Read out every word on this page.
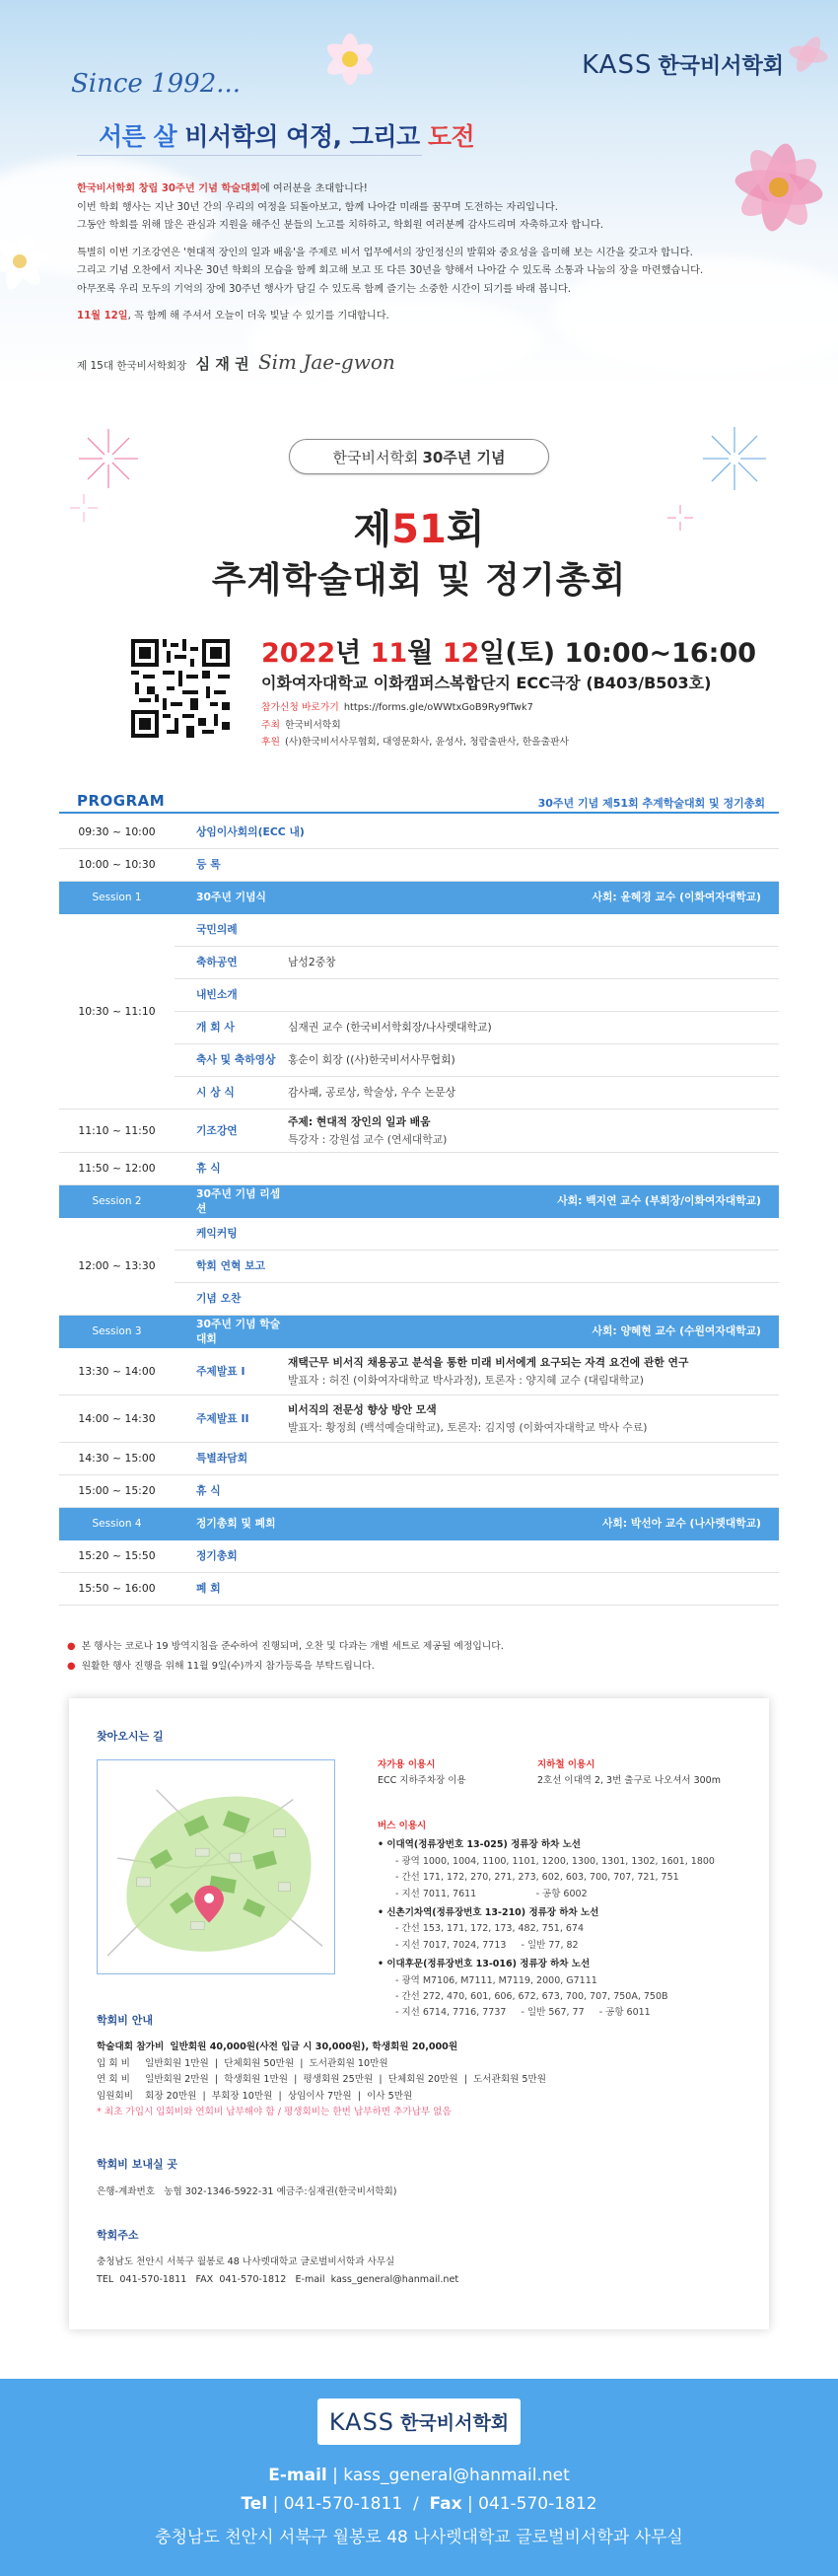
KASS 한국비서학회
Since 1992...
서른 살 비서학의 여정, 그리고 도전

한국비서학회 창립 30주년 기념 학술대회에 여러분을 초대합니다!
이번 학회 행사는 지난 30년 간의 우리의 여정을 되돌아보고, 함께 나아갈 미래를 꿈꾸며 도전하는 자리입니다.
그동안 학회를 위해 많은 관심과 지원을 해주신 분들의 노고를 치하하고, 학회원 여러분께 감사드리며 자축하고자 합니다.

특별히 이번 기조강연은 '현대적 장인의 일과 배움'을 주제로 비서 업무에서의 장인정신의 발휘와 중요성을 음미해 보는 시간을 갖고자 합니다.
그리고 기념 오찬에서 지나온 30년 학회의 모습을 함께 회고해 보고 또 다른 30년을 향해서 나아갈 수 있도록 소통과 나눔의 장을 마련했습니다.
아무쪼록 우리 모두의 기억의 장에 30주년 행사가 담길 수 있도록 함께 즐기는 소중한 시간이 되기를 바래 봅니다.

11월 12일, 꼭 함께 해 주셔서 오늘이 더욱 빛날 수 있기를 기대합니다.

제 15대 한국비서학회장 심 재 권 Sim Jae-gwon
한국비서학회 30주년 기념
제51회
추계학술대회 및 정기총회
2022년 11월 12일(토) 10:00~16:00
이화여자대학교 이화캠퍼스복합단지 ECC극장 (B403/B503호)
참가신청 바로가기 https://forms.gle/oWWtxGoB9Ry9fTwk7
주최 한국비서학회
후원 (사)한국비서사무협회, 대영문화사, 윤성사, 청람출판사, 한올출판사
PROGRAM	30주년 기념 제51회 추계학술대회 및 정기총회
09:30 ~ 10:00	상임이사회의(ECC 내)	
10:00 ~ 10:30	등 록	
Session 1	30주년 기념식	사회: 윤혜경 교수 (이화여자대학교)
10:30 ~ 11:10	국민의례	
	축하공연	남성2중창
	내빈소개	
	개 회 사	심재권 교수 (한국비서학회장/나사렛대학교)
	축사 및 축하영상	홍순이 회장 ((사)한국비서사무협회)
	시 상 식	감사패, 공로상, 학술상, 우수 논문상
11:10 ~ 11:50	기조강연	주제: 현대적 장인의 일과 배움
특강자 : 강원섭 교수 (연세대학교)

11:50 ~ 12:00	휴 식	
Session 2	30주년 기념 리셉션	사회: 백지연 교수 (부회장/이화여자대학교)
12:00 ~ 13:30	케익커팅	
	학회 연혁 보고	
	기념 오찬	
Session 3	30주년 기념 학술대회	사회: 양혜현 교수 (수원여자대학교)
13:30 ~ 14:00	주제발표 I	재택근무 비서직 채용공고 분석을 통한 미래 비서에게 요구되는 자격 요건에 관한 연구
발표자 : 허진 (이화여자대학교 박사과정), 토론자 : 양지혜 교수 (대림대학교)

14:00 ~ 14:30	주제발표 II	비서직의 전문성 향상 방안 모색
발표자: 황정희 (백석예술대학교), 토론자: 김지영 (이화여자대학교 박사 수료)

14:30 ~ 15:00	특별좌담회	
15:00 ~ 15:20	휴 식	
Session 4	정기총회 및 폐회	사회: 박선아 교수 (나사렛대학교)
15:20 ~ 15:50	정기총회	
15:50 ~ 16:00	폐 회	
● 본 행사는 코로나 19 방역지침을 준수하여 진행되며, 오찬 및 다과는 개별 세트로 제공될 예정입니다.
● 원활한 행사 진행을 위해 11월 9일(수)까지 참가등록을 부탁드립니다.
찾아오시는 길
자가용 이용시
ECC 지하주차장 이용
지하철 이용시
2호선 이대역 2, 3번 출구로 나오셔서 300m
버스 이용시
• 이대역(정류장번호 13-025) 정류장 하차 노선
- 광역 1000, 1004, 1100, 1101, 1200, 1300, 1301, 1302, 1601, 1800
- 간선 171, 172, 270, 271, 273, 602, 603, 700, 707, 721, 751
- 지선 7011, 7611                    - 공항 6002
• 신촌기차역(정류장번호 13-210) 정류장 하차 노선
- 간선 153, 171, 172, 173, 482, 751, 674
- 지선 7017, 7024, 7713     - 일반 77, 82
• 이대후문(정류장번호 13-016) 정류장 하차 노선
- 광역 M7106, M7111, M7119, 2000, G7111
- 간선 272, 470, 601, 606, 672, 673, 700, 707, 750A, 750B
- 지선 6714, 7716, 7737     - 일반 567, 77     - 공항 6011
학회비 안내
학술대회 참가비 일반회원 40,000원(사전 입금 시 30,000원), 학생회원 20,000원
입 회 비 일반회원 1만원  |  단체회원 50만원  |  도서관회원 10만원
연 회 비 일반회원 2만원  |  학생회원 1만원  |  평생회원 25만원  |  단체회원 20만원  |  도서관회원 5만원
임원회비 회장 20만원  |  부회장 10만원  |  상임이사 7만원  |  이사 5만원
* 최초 가입시 입회비와 연회비 납부해야 함 / 평생회비는 한번 납부하면 추가납부 없음
학회비 보내실 곳
은행-계좌번호   농협 302-1346-5922-31 예금주:심재권(한국비서학회)
학회주소
충청남도 천안시 서북구 월봉로 48 나사렛대학교 글로벌비서학과 사무실
TEL  041-570-1811   FAX  041-570-1812   E-mail  kass_general@hanmail.net
KASS 한국비서학회
E-mail | kass_general@hanmail.net
Tel | 041-570-1811  /  Fax | 041-570-1812
충청남도 천안시 서북구 월봉로 48 나사렛대학교 글로벌비서학과 사무실
